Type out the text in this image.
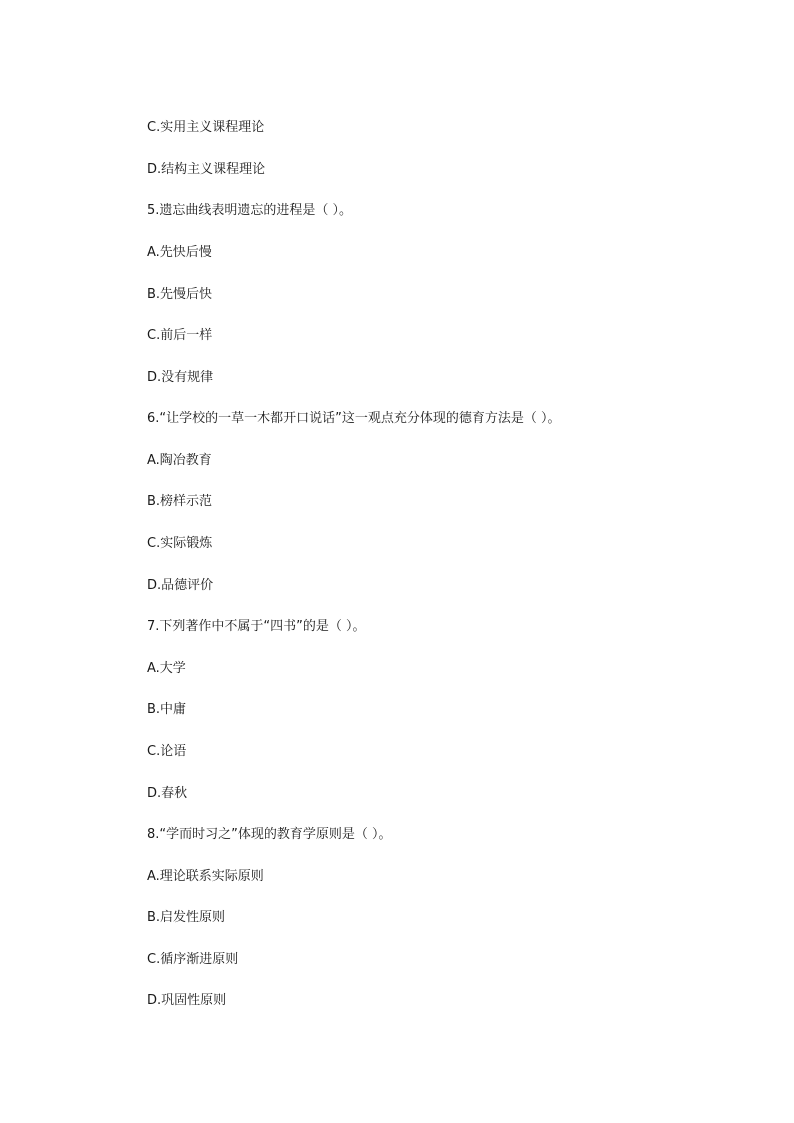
C.实用主义课程理论
D.结构主义课程理论
5.遗忘曲线表明遗忘的进程是（ ）。
A.先快后慢
B.先慢后快
C.前后一样
D.没有规律
6.“让学校的一草一木都开口说话”这一观点充分体现的德育方法是（ ）。
A.陶冶教育
B.榜样示范
C.实际锻炼
D.品德评价
7.下列著作中不属于“四书”的是（ ）。
A.大学
B.中庸
C.论语
D.春秋
8.“学而时习之”体现的教育学原则是（ ）。
A.理论联系实际原则
B.启发性原则
C.循序渐进原则
D.巩固性原则
